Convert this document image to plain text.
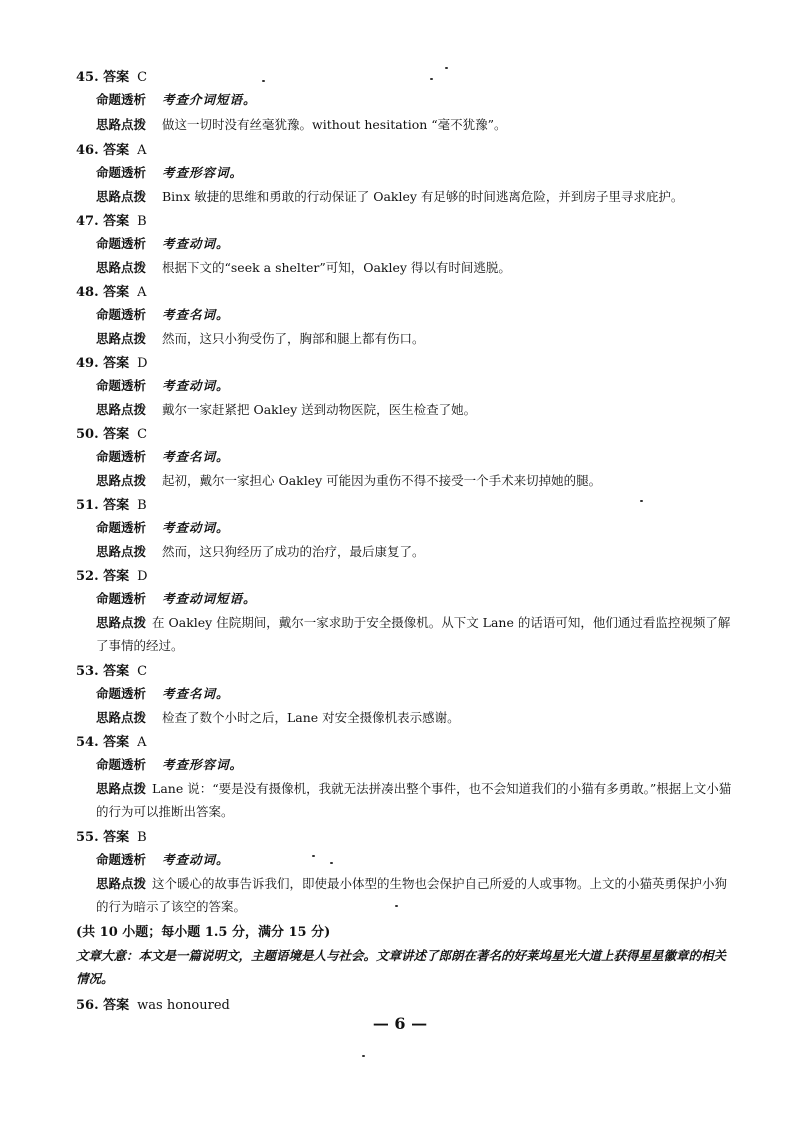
45. 答案 C
命题透析 考查介词短语。
思路点拨 做这一切时没有丝毫犹豫。without hesitation “毫不犹豫”。
46. 答案 A
命题透析 考查形容词。
思路点拨 Binx 敏捷的思维和勇敢的行动保证了 Oakley 有足够的时间逃离危险，并到房子里寻求庇护。
47. 答案 B
命题透析 考查动词。
思路点拨 根据下文的“seek a shelter”可知，Oakley 得以有时间逃脱。
48. 答案 A
命题透析 考查名词。
思路点拨 然而，这只小狗受伤了，胸部和腿上都有伤口。
49. 答案 D
命题透析 考查动词。
思路点拨 戴尔一家赶紧把 Oakley 送到动物医院，医生检查了她。
50. 答案 C
命题透析 考查名词。
思路点拨 起初，戴尔一家担心 Oakley 可能因为重伤不得不接受一个手术来切掉她的腿。
51. 答案 B
命题透析 考查动词。
思路点拨 然而，这只狗经历了成功的治疗，最后康复了。
52. 答案 D
命题透析 考查动词短语。
思路点拨 在 Oakley 住院期间，戴尔一家求助于安全摄像机。从下文 Lane 的话语可知，他们通过看监控视频了解了事情的经过。
53. 答案 C
命题透析 考查名词。
思路点拨 检查了数个小时之后，Lane 对安全摄像机表示感谢。
54. 答案 A
命题透析 考查形容词。
思路点拨 Lane 说：“要是没有摄像机，我就无法拼凑出整个事件，也不会知道我们的小猫有多勇敢。”根据上文小猫的行为可以推断出答案。
55. 答案 B
命题透析 考查动词。
思路点拨 这个暖心的故事告诉我们，即使最小体型的生物也会保护自己所爱的人或事物。上文的小猫英勇保护小狗的行为暗示了该空的答案。
(共 10 小题；每小题 1.5 分，满分 15 分)
文章大意：本文是一篇说明文，主题语境是人与社会。文章讲述了郎朗在著名的好莱坞星光大道上获得星星徽章的相关情况。
56. 答案 was honoured
— 6 —
